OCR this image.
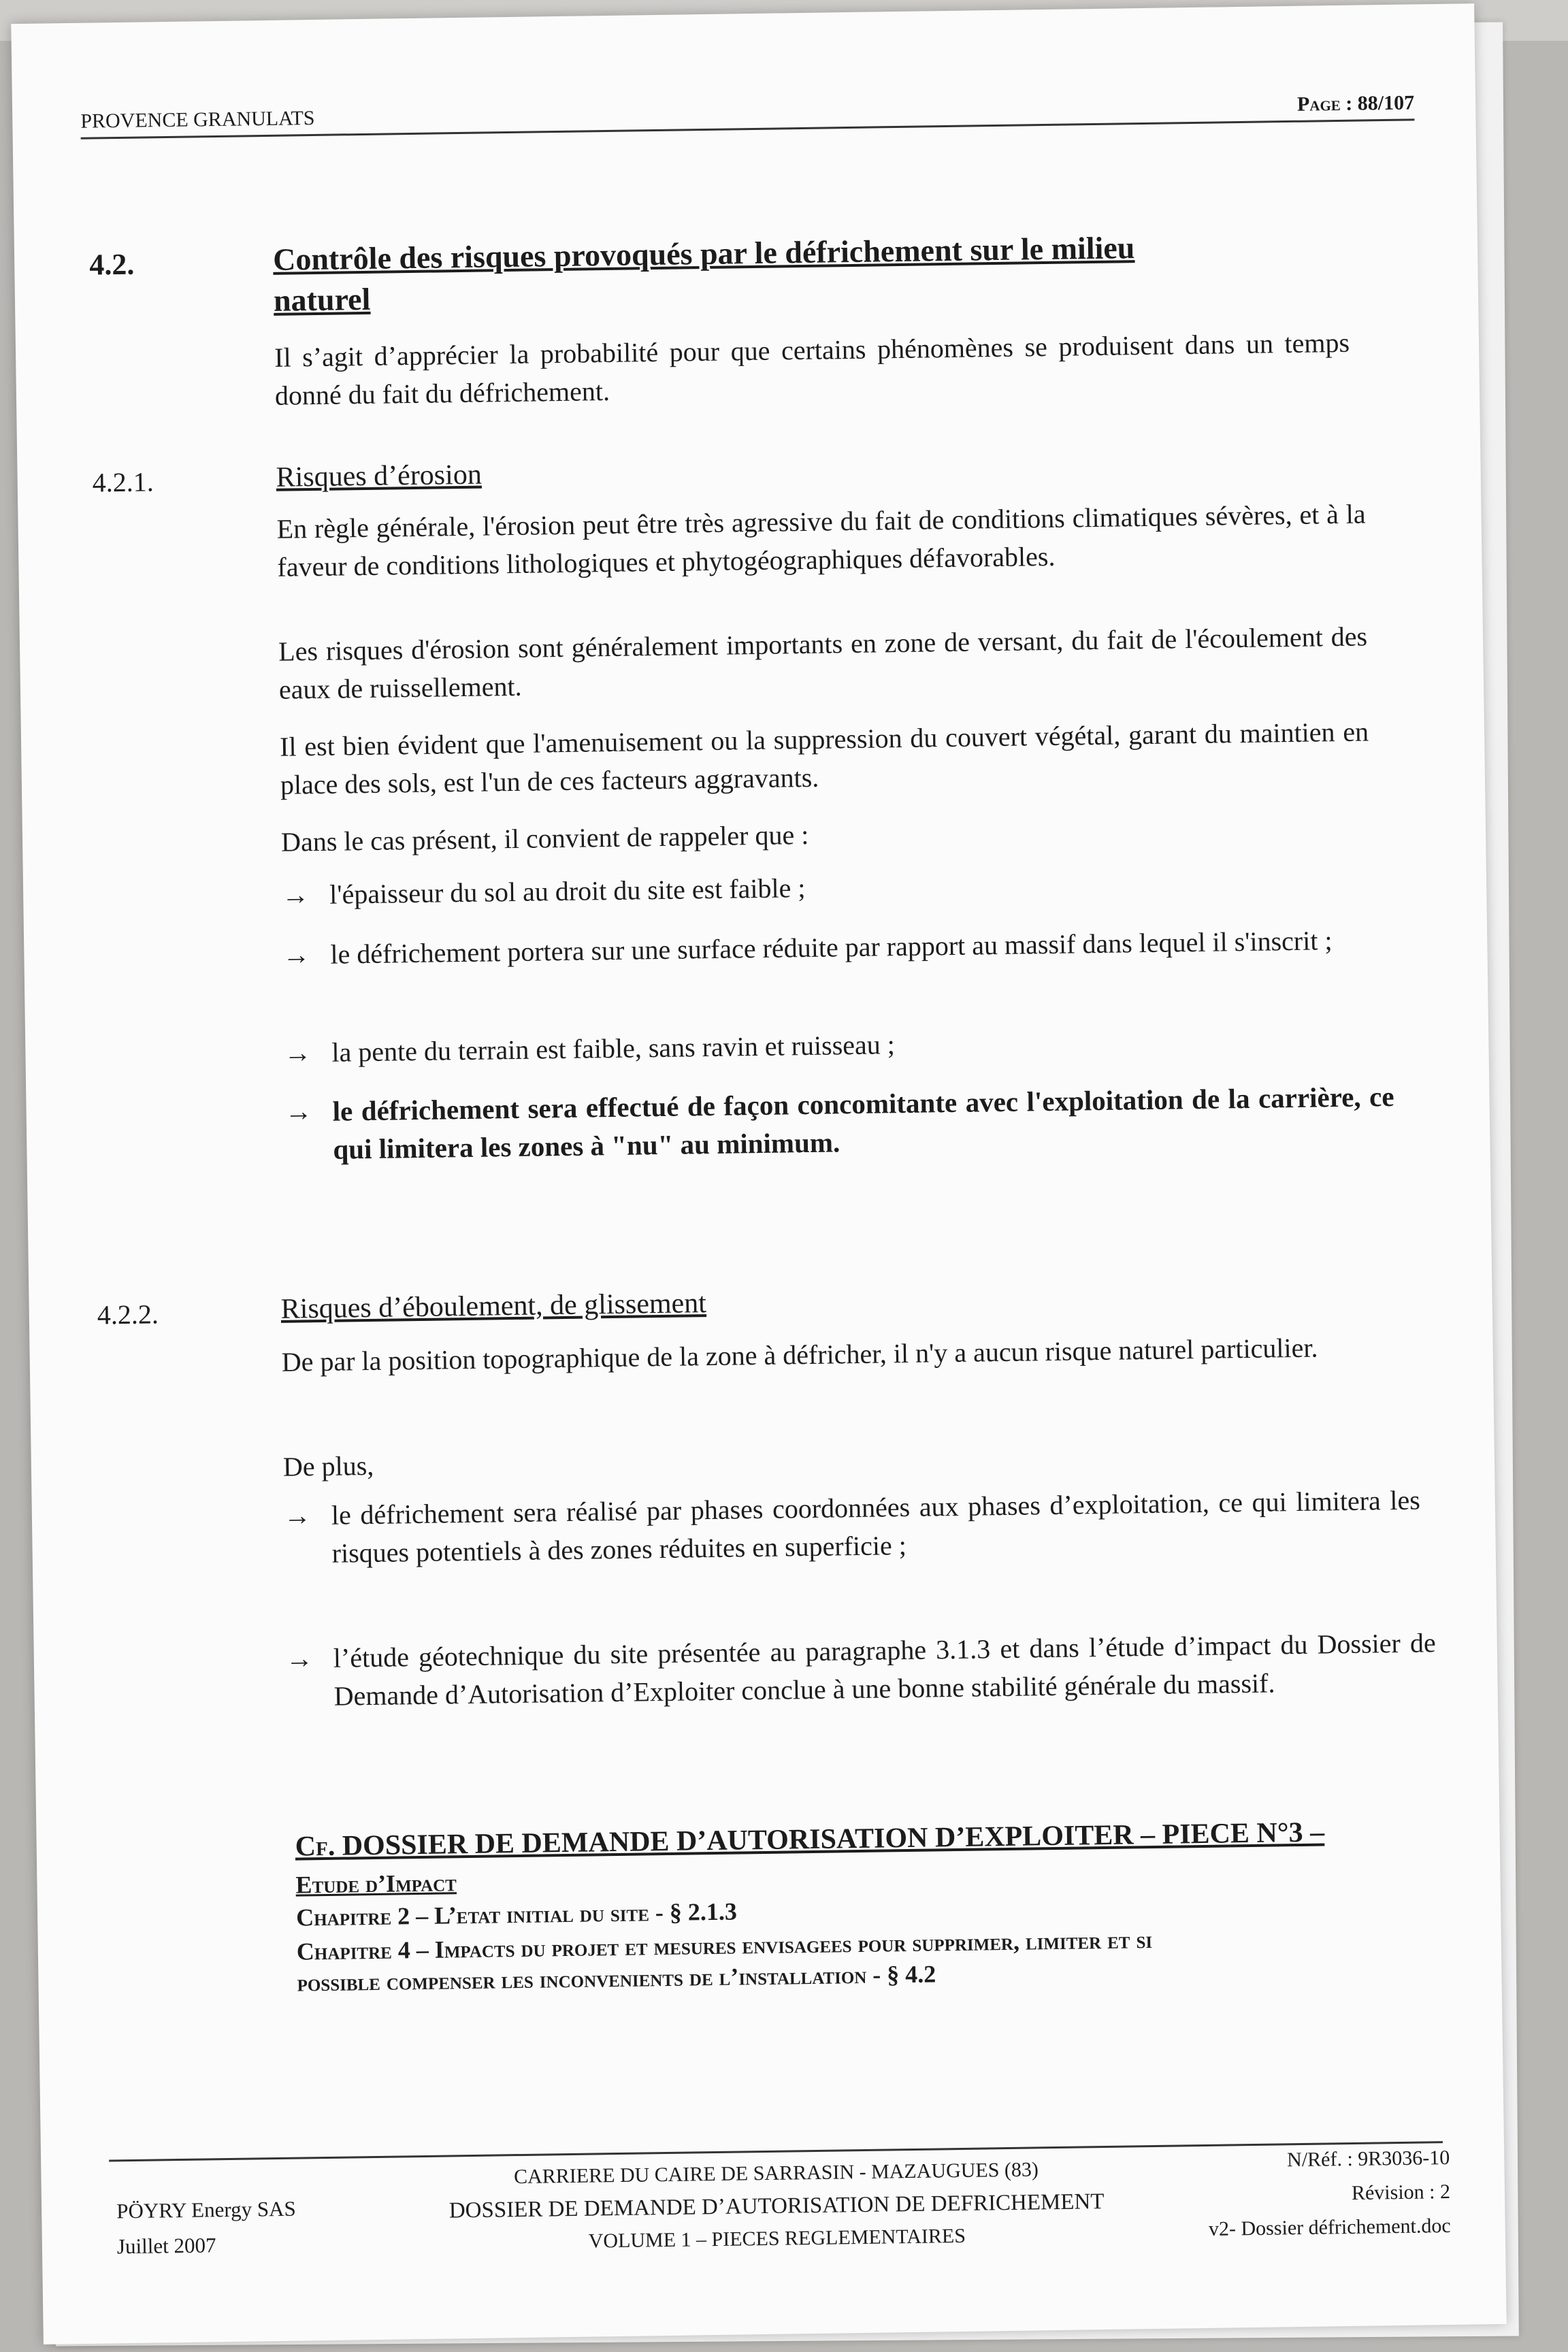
PROVENCE GRANULATS
Page : 88/107
4.2.	Contrôle des risques provoqués par le défrichement sur le milieu
naturel
Il s’agit d’apprécier la probabilité pour que certains phénomènes se produisent dans un temps donné du fait du défrichement.
4.2.1.	Risques d’érosion
En règle générale, l'érosion peut être très agressive du fait de conditions climatiques sévères, et à la faveur de conditions lithologiques et phytogéographiques défavorables.
Les risques d'érosion sont généralement importants en zone de versant, du fait de l'écoulement des eaux de ruissellement.
Il est bien évident que l'amenuisement ou la suppression du couvert végétal, garant du maintien en place des sols, est l'un de ces facteurs aggravants.
Dans le cas présent, il convient de rappeler que :
→ l'épaisseur du sol au droit du site est faible ;
→ le défrichement portera sur une surface réduite par rapport au massif dans lequel il s'inscrit ;
→ la pente du terrain est faible, sans ravin et ruisseau ;
→ le défrichement sera effectué de façon concomitante avec l'exploitation de la carrière, ce qui limitera les zones à "nu" au minimum.
4.2.2.	Risques d’éboulement, de glissement
De par la position topographique de la zone à défricher, il n'y a aucun risque naturel particulier.
De plus,
→ le défrichement sera réalisé par phases coordonnées aux phases d’exploitation, ce qui limitera les risques potentiels à des zones réduites en superficie ;
→ l’étude géotechnique du site présentée au paragraphe 3.1.3 et dans l’étude d’impact du Dossier de Demande d’Autorisation d’Exploiter conclue à une bonne stabilité générale du massif.
Cf. DOSSIER DE DEMANDE D’AUTORISATION D’EXPLOITER – PIECE N°3 –
Etude d’Impact
Chapitre 2 – L’etat initial du site - § 2.1.3
Chapitre 4 – Impacts du projet et mesures envisagees pour supprimer, limiter et si
possible compenser les inconvenients de l’installation - § 4.2
PÖYRY Energy SAS
Juillet 2007
CARRIERE DU CAIRE DE SARRASIN - MAZAUGUES (83)
DOSSIER DE DEMANDE D’AUTORISATION DE DEFRICHEMENT
VOLUME 1 – PIECES REGLEMENTAIRES
N/Réf. : 9R3036-10
Révision : 2
v2- Dossier défrichement.doc
